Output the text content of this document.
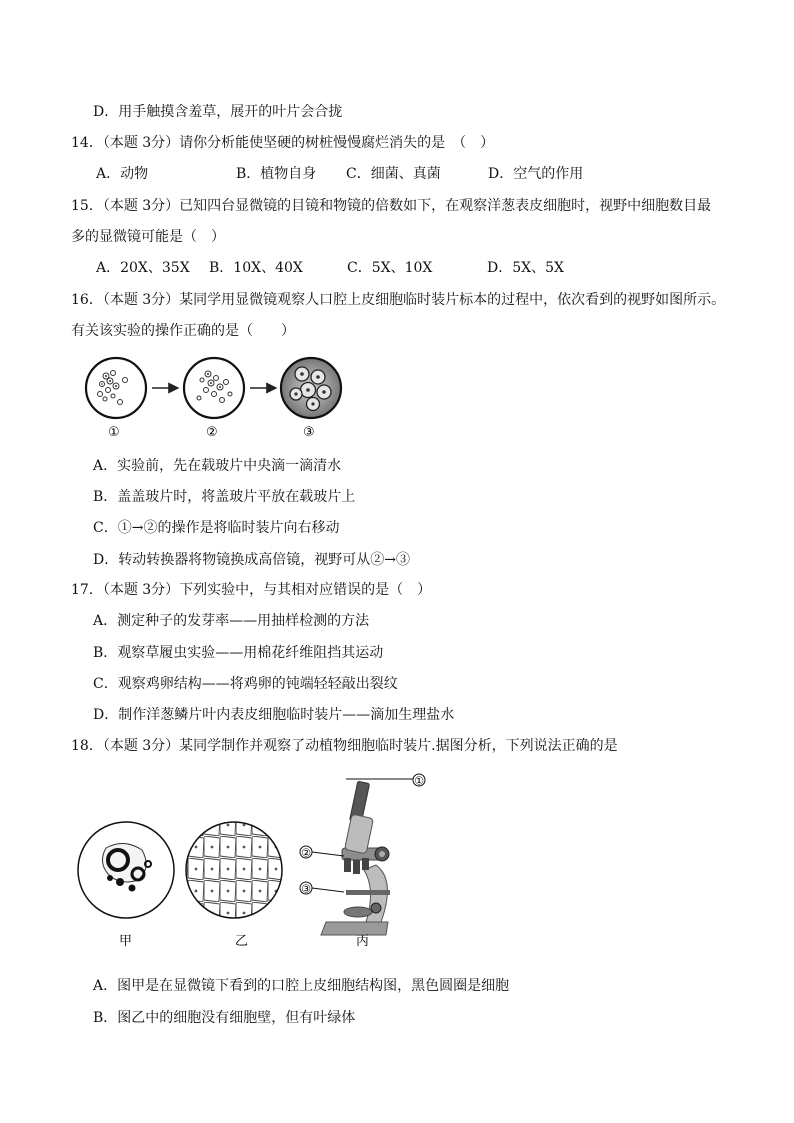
D．用手触摸含羞草，展开的叶片会合拢
14．（本题 3分）请你分析能使坚硬的树桩慢慢腐烂消失的是　（　）
A．动物	B．植物自身 C．细菌、真菌	D．空气的作用
15．（本题 3分）已知四台显微镜的目镜和物镜的倍数如下，在观察洋葱表皮细胞时，视野中细胞数目最
多的显微镜可能是（　）
A．20X、35X B．10X、40X	C．5X、10X	D．5X、5X
16．（本题 3分）某同学用显微镜观察人口腔上皮细胞临时装片标本的过程中，依次看到的视野如图所示。
有关该实验的操作正确的是（　　）
①	②	③
A．实验前，先在载玻片中央滴一滴清水
B．盖盖玻片时，将盖玻片平放在载玻片上
C．①→②的操作是将临时装片向右移动
D．转动转换器将物镜换成高倍镜，视野可从②→③
17．（本题 3分）下列实验中，与其相对应错误的是（　）
A．测定种子的发芽率——用抽样检测的方法
B．观察草履虫实验——用棉花纤维阻挡其运动
C．观察鸡卵结构——将鸡卵的钝端轻轻敲出裂纹
D．制作洋葱鳞片叶内表皮细胞临时装片——滴加生理盐水
18．（本题 3分）某同学制作并观察了动植物细胞临时装片.据图分析，下列说法正确的是
①
②
③
甲	乙	丙
A．图甲是在显微镜下看到的口腔上皮细胞结构图，黑色圆圈是细胞
B．图乙中的细胞没有细胞壁，但有叶绿体
